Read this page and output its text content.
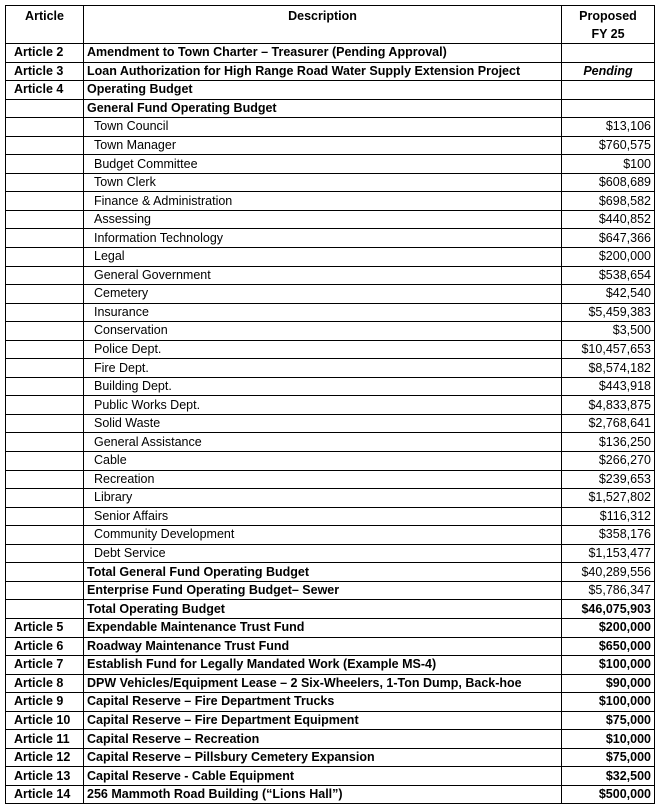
Article	Description	Proposed
FY 25

Article 2	Amendment to Town Charter – Treasurer (Pending Approval)	
Article 3	Loan Authorization for High Range Road Water Supply Extension Project	Pending
Article 4	Operating Budget	
	General Fund Operating Budget	
	Town Council	$13,106
	Town Manager	$760,575
	Budget Committee	$100
	Town Clerk	$608,689
	Finance & Administration	$698,582
	Assessing	$440,852
	Information Technology	$647,366
	Legal	$200,000
	General Government	$538,654
	Cemetery	$42,540
	Insurance	$5,459,383
	Conservation	$3,500
	Police Dept.	$10,457,653
	Fire Dept.	$8,574,182
	Building Dept.	$443,918
	Public Works Dept.	$4,833,875
	Solid Waste	$2,768,641
	General Assistance	$136,250
	Cable	$266,270
	Recreation	$239,653
	Library	$1,527,802
	Senior Affairs	$116,312
	Community Development	$358,176
	Debt Service	$1,153,477
	Total General Fund Operating Budget	$40,289,556
	Enterprise Fund Operating Budget– Sewer	$5,786,347
	Total Operating Budget	$46,075,903
Article 5	Expendable Maintenance Trust Fund	$200,000
Article 6	Roadway Maintenance Trust Fund	$650,000
Article 7	Establish Fund for Legally Mandated Work (Example MS-4)	$100,000
Article 8	DPW Vehicles/Equipment Lease – 2 Six-Wheelers, 1-Ton Dump, Back-hoe	$90,000
Article 9	Capital Reserve – Fire Department Trucks	$100,000
Article 10	Capital Reserve – Fire Department Equipment	$75,000
Article 11	Capital Reserve – Recreation	$10,000
Article 12	Capital Reserve – Pillsbury Cemetery Expansion	$75,000
Article 13	Capital Reserve - Cable Equipment	$32,500
Article 14	256 Mammoth Road Building (“Lions Hall”)	$500,000
